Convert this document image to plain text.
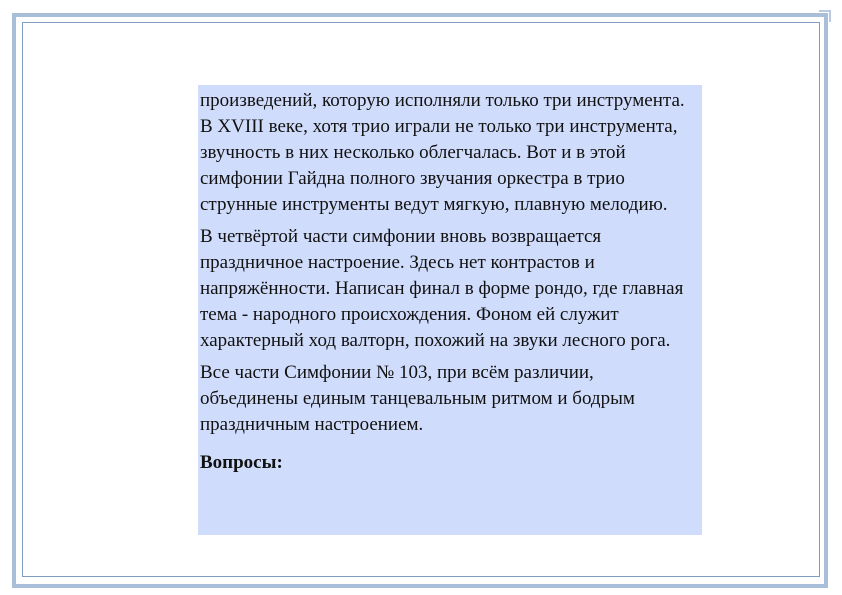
произведений, которую исполняли только три инструмента. В XVIII веке, хотя трио играли не только три инструмента, звучность в них несколько облегчалась. Вот и в этой симфонии Гайдна полного звучания оркестра в трио струнные инструменты ведут мягкую, плавную мелодию.

В четвёртой части симфонии вновь возвращается праздничное настроение. Здесь нет контрастов и напряжённости. Написан финал в форме рондо, где главная тема - народного происхождения. Фоном ей служит характерный ход валторн, похожий на звуки лесного рога.

Все части Симфонии № 103, при всём различии, объединены единым танцевальным ритмом и бодрым праздничным настроением.

Вопросы:
